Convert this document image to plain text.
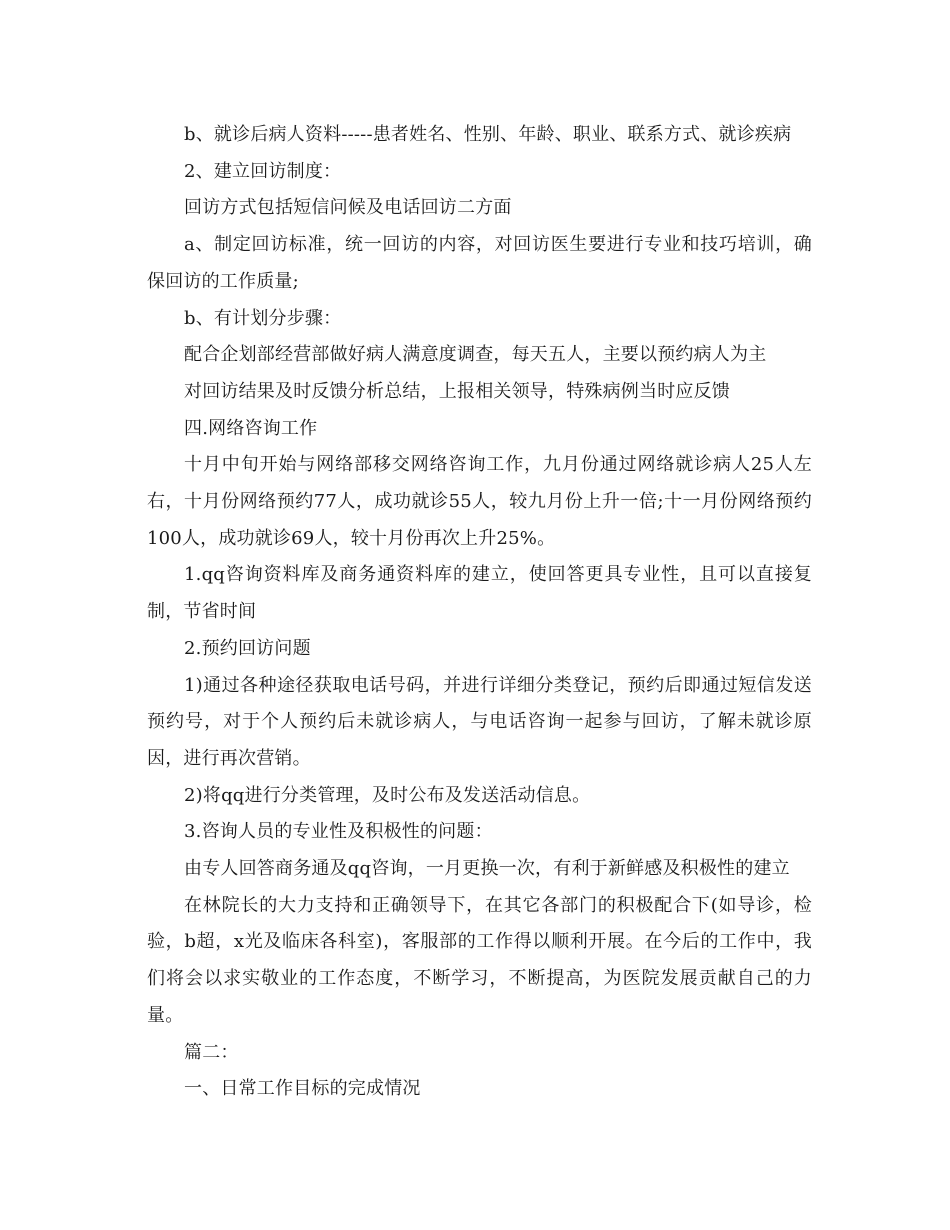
b、就诊后病人资料-----患者姓名、性别、年龄、职业、联系方式、就诊疾病

2、建立回访制度：

回访方式包括短信问候及电话回访二方面

a、制定回访标准，统一回访的内容，对回访医生要进行专业和技巧培训，确保回访的工作质量;

b、有计划分步骤：

配合企划部经营部做好病人满意度调查，每天五人，主要以预约病人为主

对回访结果及时反馈分析总结，上报相关领导，特殊病例当时应反馈

四.网络咨询工作

十月中旬开始与网络部移交网络咨询工作，九月份通过网络就诊病人25人左右，十月份网络预约77人，成功就诊55人，较九月份上升一倍;十一月份网络预约100人，成功就诊69人，较十月份再次上升25%。

1.qq咨询资料库及商务通资料库的建立，使回答更具专业性，且可以直接复制，节省时间

2.预约回访问题

1)通过各种途径获取电话号码，并进行详细分类登记，预约后即通过短信发送预约号，对于个人预约后未就诊病人，与电话咨询一起参与回访，了解未就诊原因，进行再次营销。

2)将qq进行分类管理，及时公布及发送活动信息。

3.咨询人员的专业性及积极性的问题：

由专人回答商务通及qq咨询，一月更换一次，有利于新鲜感及积极性的建立

在林院长的大力支持和正确领导下，在其它各部门的积极配合下(如导诊，检验，b超，x光及临床各科室)，客服部的工作得以顺利开展。在今后的工作中，我们将会以求实敬业的工作态度，不断学习，不断提高，为医院发展贡献自己的力量。

篇二：

一、日常工作目标的完成情况
